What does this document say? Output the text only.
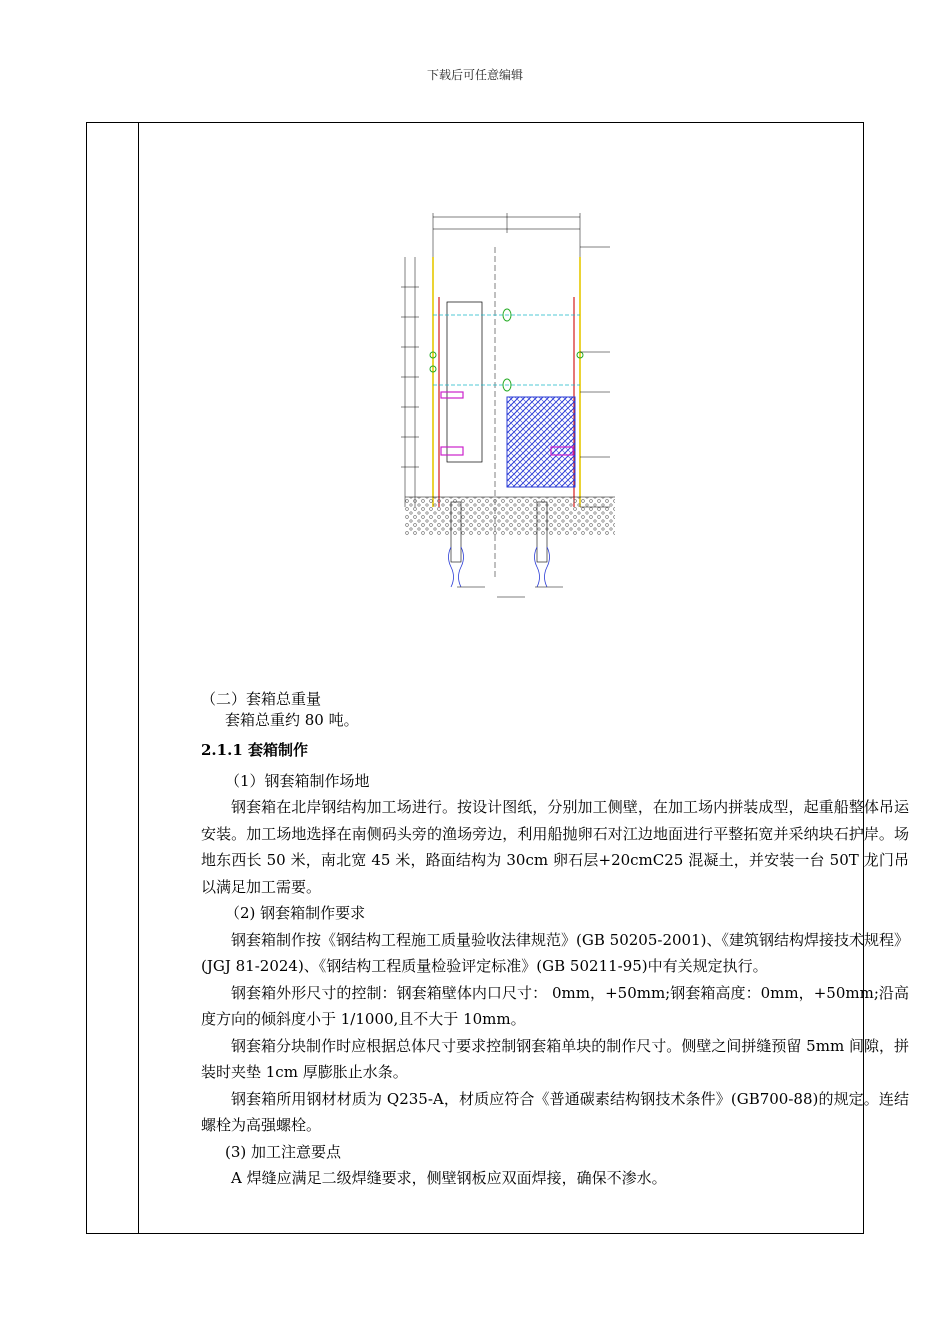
下载后可任意编辑

（二）套箱总重量

套箱总重约 80 吨。

2.1.1 套箱制作

（1）钢套箱制作场地

钢套箱在北岸钢结构加工场进行。按设计图纸，分别加工侧壁，在加工场内拼装成型，起重船整体吊运安装。加工场地选择在南侧码头旁的渔场旁边，利用船抛卵石对江边地面进行平整拓宽并采纳块石护岸。场地东西长 50 米，南北宽 45 米，路面结构为 30cm 卵石层+20cmC25 混凝土，并安装一台 50T 龙门吊以满足加工需要。

（2) 钢套箱制作要求

钢套箱制作按《钢结构工程施工质量验收法律规范》(GB 50205-2001)、《建筑钢结构焊接技术规程》(JGJ 81-2024)、《钢结构工程质量检验评定标准》(GB 50211-95)中有关规定执行。

钢套箱外形尺寸的控制：钢套箱壁体内口尺寸： 0mm，+50mm;钢套箱高度：0mm，+50mm;沿高度方向的倾斜度小于 1/1000,且不大于 10mm。

钢套箱分块制作时应根据总体尺寸要求控制钢套箱单块的制作尺寸。侧壁之间拼缝预留 5mm 间隙，拼装时夹垫 1cm 厚膨胀止水条。

钢套箱所用钢材材质为 Q235-A，材质应符合《普通碳素结构钢技术条件》(GB700-88)的规定。连结螺栓为高强螺栓。

(3) 加工注意要点

A 焊缝应满足二级焊缝要求，侧壁钢板应双面焊接，确保不渗水。
